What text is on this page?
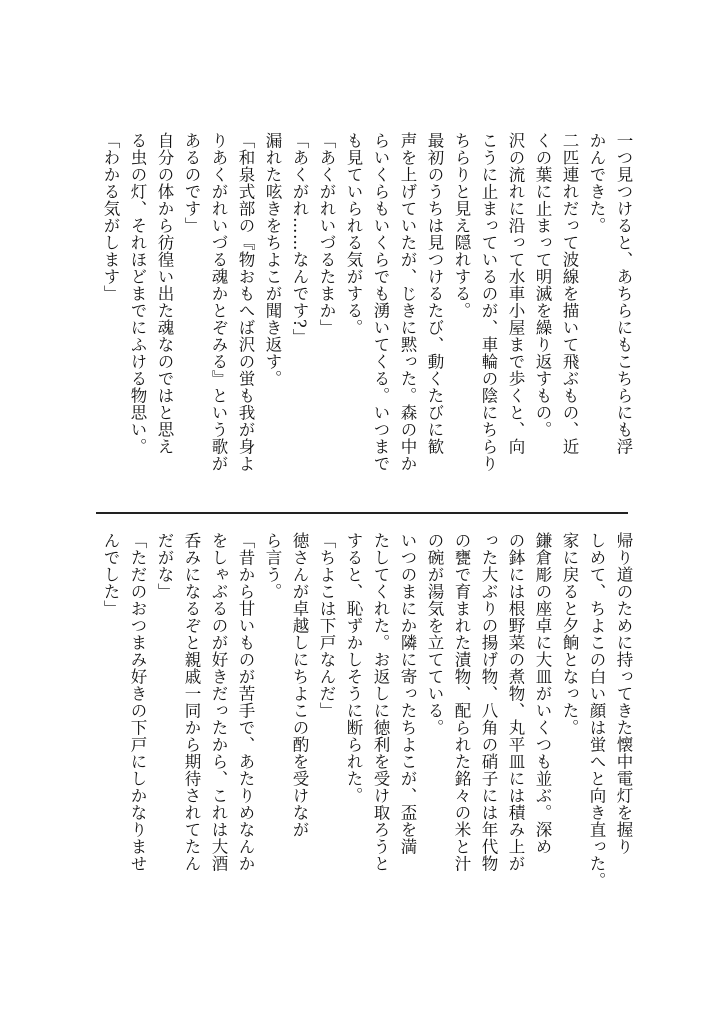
一つ見つけると、あちらにもこちらにも浮
かんできた。
二匹連れだって波線を描いて飛ぶもの、近
くの葉に止まって明滅を繰り返すもの。
沢の流れに沿って水車小屋まで歩くと、向
こうに止まっているのが、車輪の陰にちらり
ちらりと見え隠れする。
最初のうちは見つけるたび、動くたびに歓
声を上げていたが、じきに黙った。森の中か
らいくらもいくらでも湧いてくる。いつまで
も見ていられる気がする。
「あくがれいづるたまか」
「あくがれ……なんです?」
漏れた呟きをちよこが聞き返す。
「和泉式部の『物おもへば沢の蛍も我が身よ
りあくがれいづる魂かとぞみる』という歌が
あるのです」
自分の体から彷徨い出た魂なのではと思え
る虫の灯、それほどまでにふける物思い。
「わかる気がします」
帰り道のために持ってきた懐中電灯を握り
しめて、ちよこの白い顔は蛍へと向き直った。
家に戻ると夕餉となった。
鎌倉彫の座卓に大皿がいくつも並ぶ。深め
の鉢には根野菜の煮物、丸平皿には積み上が
った大ぶりの揚げ物、八角の硝子には年代物
の甕で育まれた漬物、配られた銘々の米と汁
の碗が湯気を立てている。
いつのまにか隣に寄ったちよこが、盃を満
たしてくれた。お返しに徳利を受け取ろうと
すると、恥ずかしそうに断られた。
「ちよこは下戸なんだ」
徳さんが卓越しにちよこの酌を受けなが
ら言う。
「昔から甘いものが苦手で、あたりめなんか
をしゃぶるのが好きだったから、これは大酒
呑みになるぞと親戚一同から期待されてたん
だがな」
「ただのおつまみ好きの下戸にしかなりませ
んでした」
